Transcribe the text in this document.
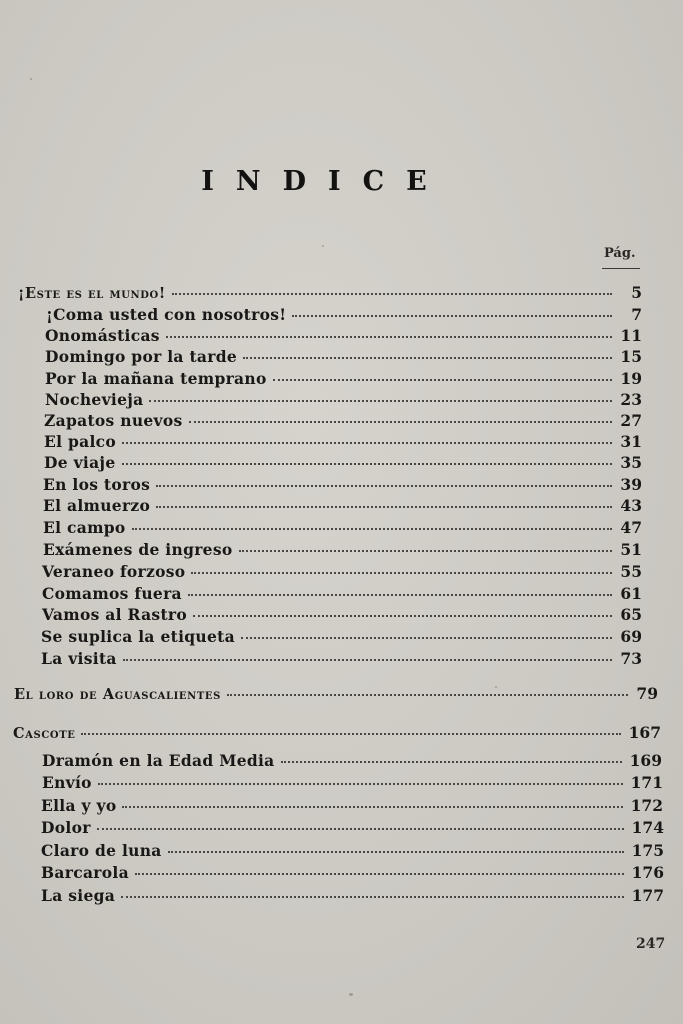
INDICE
Pág.
¡Este es el mundo!	5
¡Coma usted con nosotros!	7
Onomásticas	11
Domingo por la tarde	15
Por la mañana temprano	19
Nochevieja	23
Zapatos nuevos	27
El palco	31
De viaje	35
En los toros	39
El almuerzo	43
El campo	47
Exámenes de ingreso	51
Veraneo forzoso	55
Comamos fuera	61
Vamos al Rastro	65
Se suplica la etiqueta	69
La visita	73
El loro de Aguascalientes	79
Cascote	167
Dramón en la Edad Media	169
Envío	171
Ella y yo	172
Dolor	174
Claro de luna	175
Barcarola	176
La siega	177
247
